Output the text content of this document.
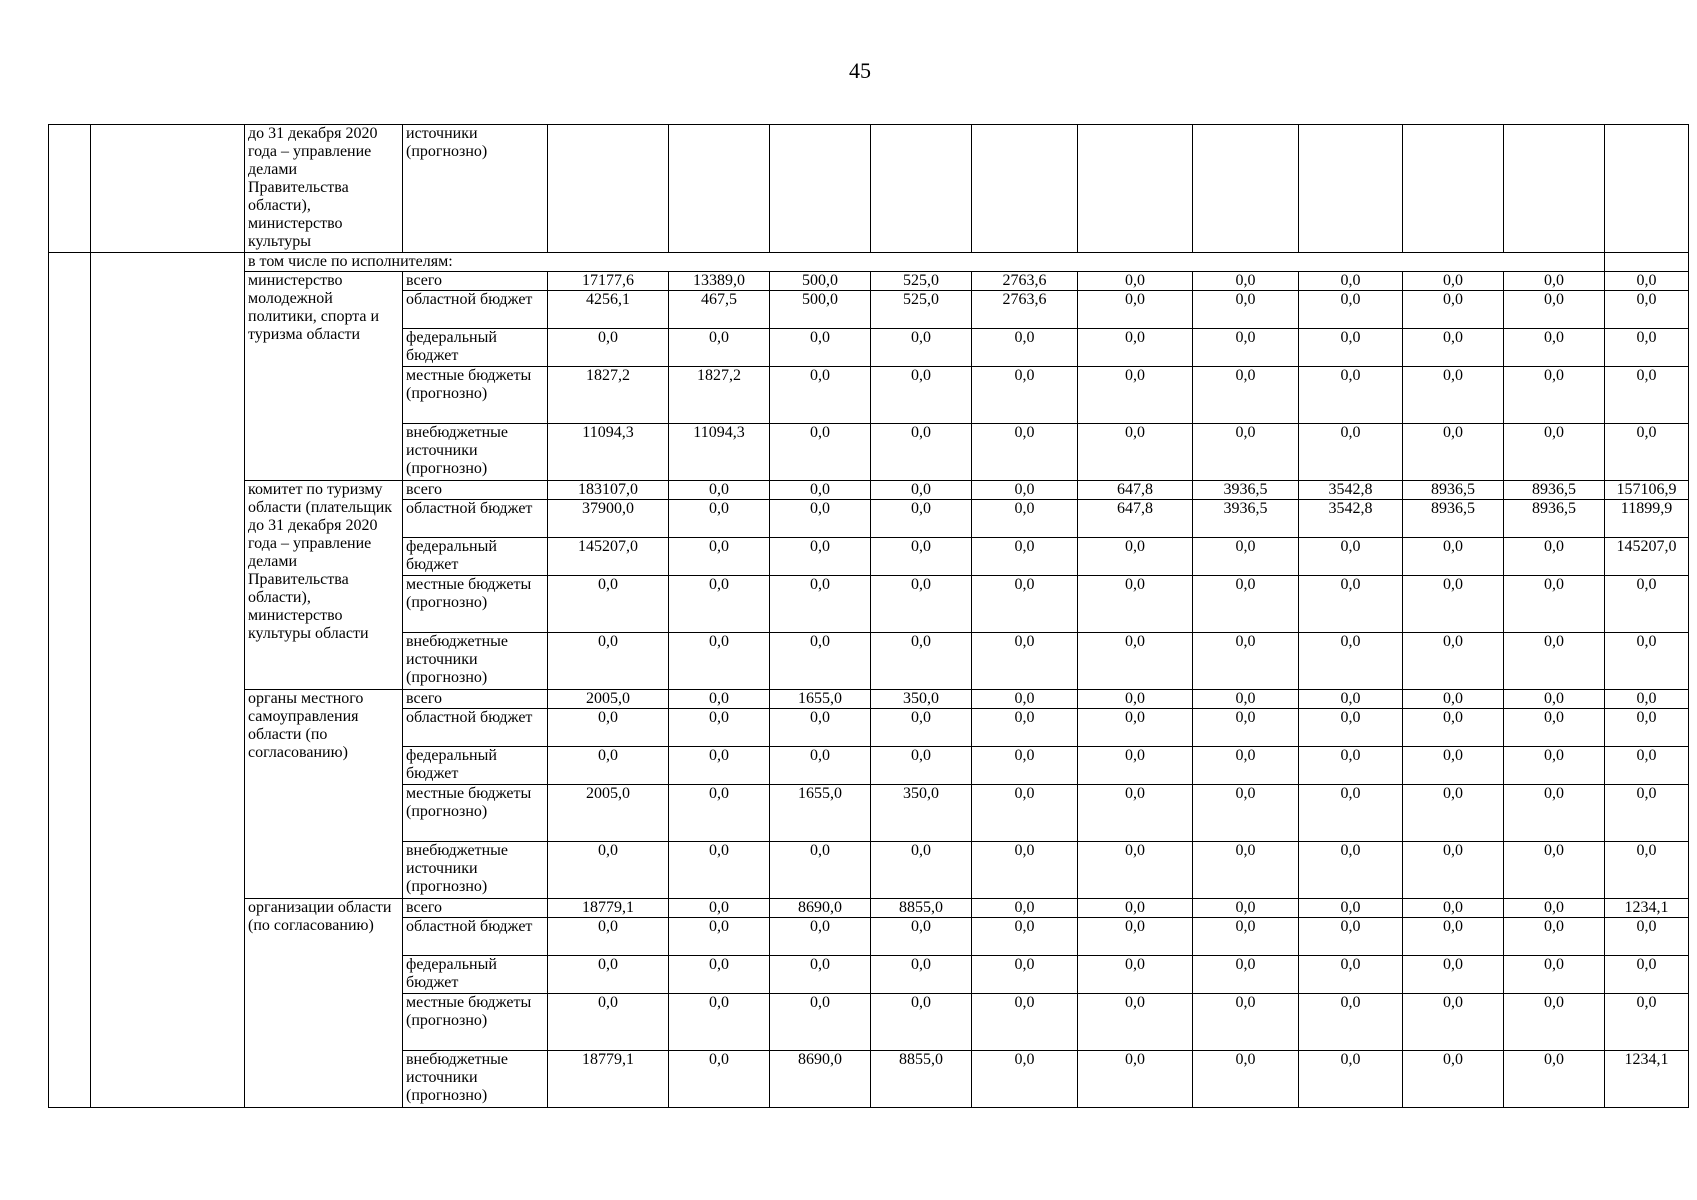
45
		до 31 декабря 2020 года – управление делами Правительства области), министерство культуры	источники (прогнозно)											
		в том числе по исполнителям:												
		министерство молодежной политики, спорта и туризма области	всего	17177,6	13389,0	500,0	525,0	2763,6	0,0	0,0	0,0	0,0	0,0	0,0
			областной бюджет	4256,1	467,5	500,0	525,0	2763,6	0,0	0,0	0,0	0,0	0,0	0,0
			федеральный бюджет	0,0	0,0	0,0	0,0	0,0	0,0	0,0	0,0	0,0	0,0	0,0
			местные бюджеты (прогнозно)	1827,2	1827,2	0,0	0,0	0,0	0,0	0,0	0,0	0,0	0,0	0,0
			внебюджетные источники (прогнозно)	11094,3	11094,3	0,0	0,0	0,0	0,0	0,0	0,0	0,0	0,0	0,0
		комитет по туризму области (плательщик до 31 декабря 2020 года – управление делами Правительства области), министерство культуры области	всего	183107,0	0,0	0,0	0,0	0,0	647,8	3936,5	3542,8	8936,5	8936,5	157106,9
			областной бюджет	37900,0	0,0	0,0	0,0	0,0	647,8	3936,5	3542,8	8936,5	8936,5	11899,9
			федеральный бюджет	145207,0	0,0	0,0	0,0	0,0	0,0	0,0	0,0	0,0	0,0	145207,0
			местные бюджеты (прогнозно)	0,0	0,0	0,0	0,0	0,0	0,0	0,0	0,0	0,0	0,0	0,0
			внебюджетные источники (прогнозно)	0,0	0,0	0,0	0,0	0,0	0,0	0,0	0,0	0,0	0,0	0,0
		органы местного самоуправления области (по согласованию)	всего	2005,0	0,0	1655,0	350,0	0,0	0,0	0,0	0,0	0,0	0,0	0,0
			областной бюджет	0,0	0,0	0,0	0,0	0,0	0,0	0,0	0,0	0,0	0,0	0,0
			федеральный бюджет	0,0	0,0	0,0	0,0	0,0	0,0	0,0	0,0	0,0	0,0	0,0
			местные бюджеты (прогнозно)	2005,0	0,0	1655,0	350,0	0,0	0,0	0,0	0,0	0,0	0,0	0,0
			внебюджетные источники (прогнозно)	0,0	0,0	0,0	0,0	0,0	0,0	0,0	0,0	0,0	0,0	0,0
		организации области (по согласованию)	всего	18779,1	0,0	8690,0	8855,0	0,0	0,0	0,0	0,0	0,0	0,0	1234,1
			областной бюджет	0,0	0,0	0,0	0,0	0,0	0,0	0,0	0,0	0,0	0,0	0,0
			федеральный бюджет	0,0	0,0	0,0	0,0	0,0	0,0	0,0	0,0	0,0	0,0	0,0
			местные бюджеты (прогнозно)	0,0	0,0	0,0	0,0	0,0	0,0	0,0	0,0	0,0	0,0	0,0
			внебюджетные источники (прогнозно)	18779,1	0,0	8690,0	8855,0	0,0	0,0	0,0	0,0	0,0	0,0	1234,1
